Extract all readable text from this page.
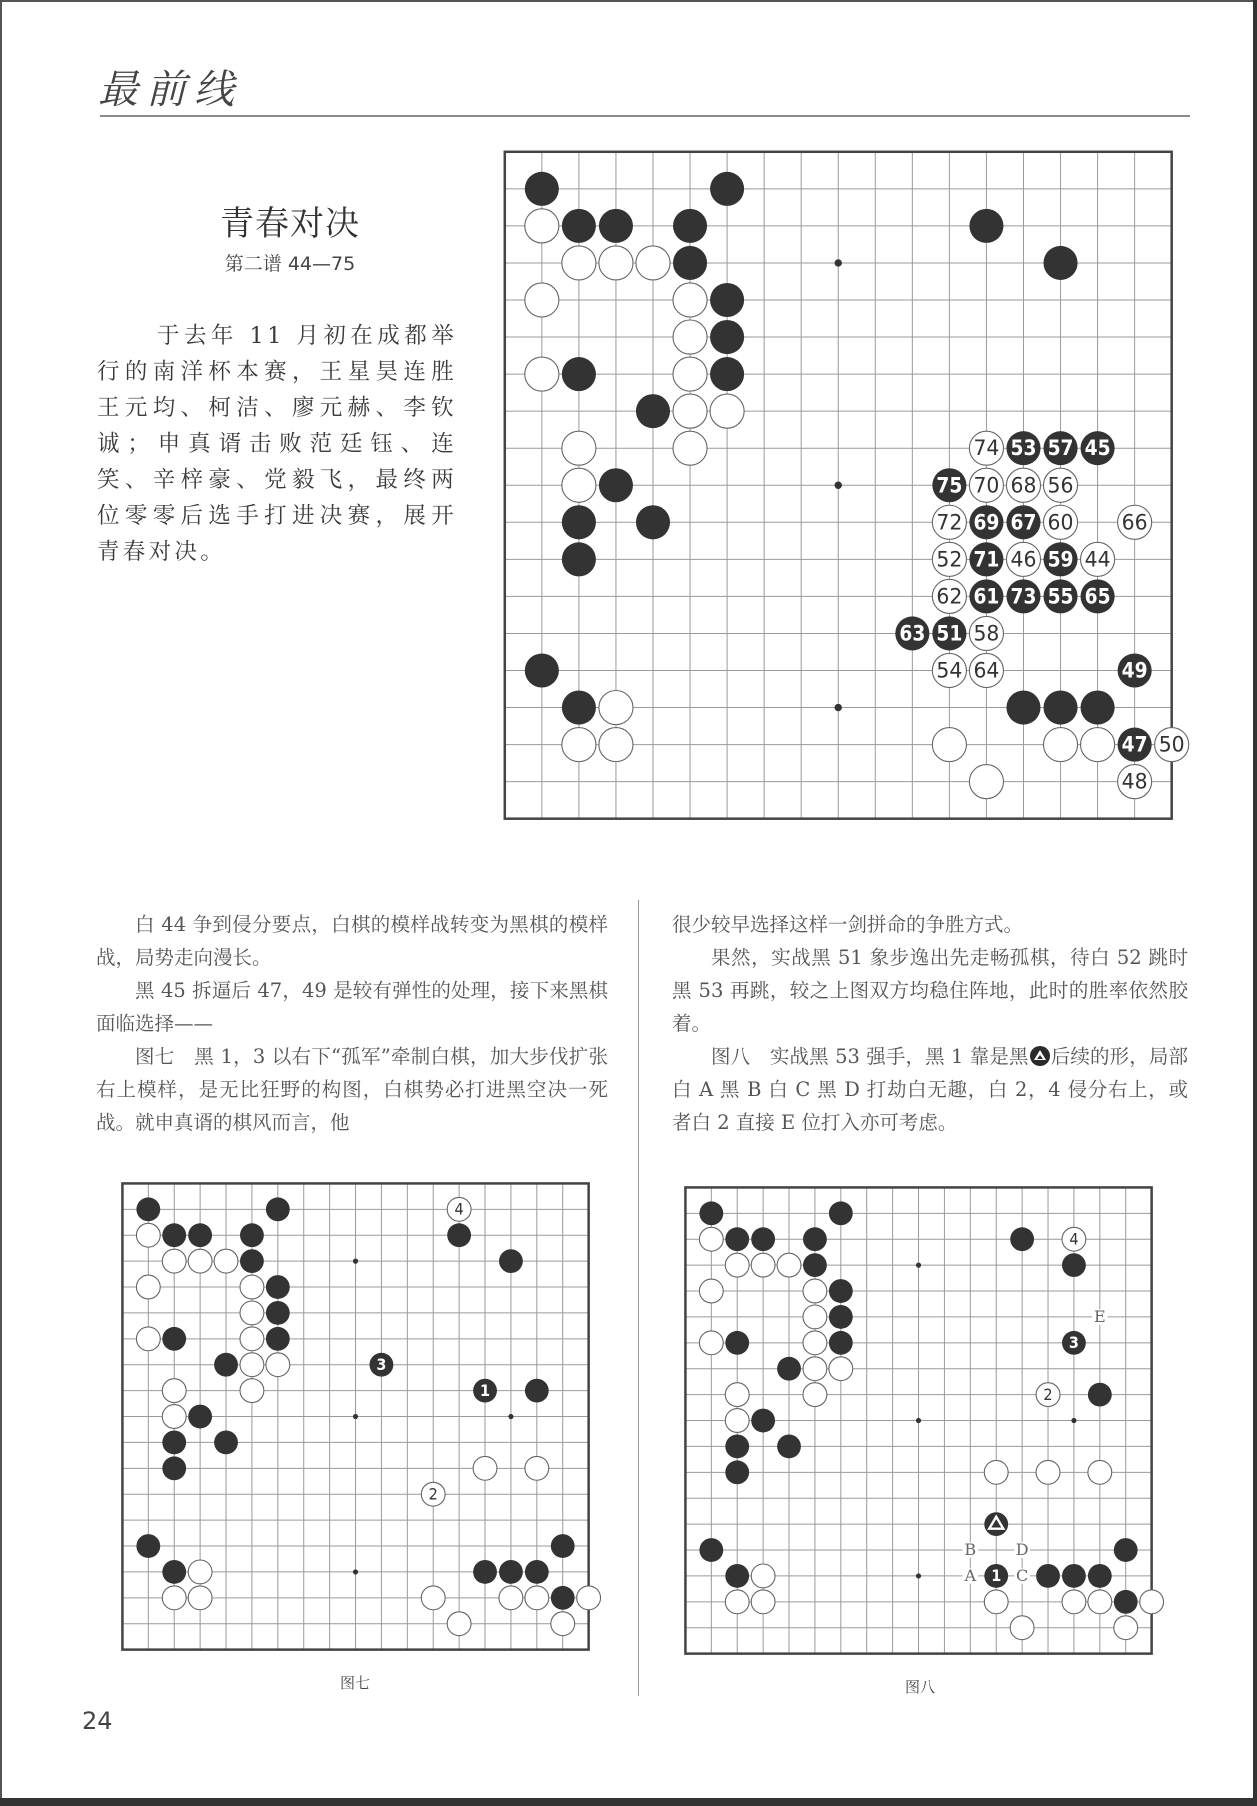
最前线
青春对决
第二谱 44—75
于去年 11 月初在成都举行的南洋杯本赛，王星昊连胜王元均、柯洁、廖元赫、李钦诚；申真谞击败范廷钰、连笑、辛梓豪、党毅飞，最终两位零零后选手打进决赛，展开青春对决。
74 53 57 45
75 70 68 56
72 69 67 60 66
52 71 46 59 44
62 61 73 55 65
63 51 58
54 64	49
47 50
48

白 44 争到侵分要点，白棋的模样战转变为黑棋的模样战，局势走向漫长。

黑 45 拆逼后 47，49 是较有弹性的处理，接下来黑棋面临选择——

图七　黑 1，3 以右下“孤军”牵制白棋，加大步伐扩张右上模样，是无比狂野的构图，白棋势必打进黑空决一死战。就申真谞的棋风而言，他

很少较早选择这样一剑拼命的争胜方式。

果然，实战黑 51 象步逸出先走畅孤棋，待白 52 跳时黑 53 再跳，较之上图双方均稳住阵地，此时的胜率依然胶着。

图八　实战黑 53 强手，黑 1 靠是黑 后续的形，局部白 A 黑 B 白 C 黑 D 打劫白无趣，白 2，4 侵分右上，或者白 2 直接 E 位打入亦可考虑。

4
3
1
2
图七
4
E
3
2
B D
A 1 C
图八
24
